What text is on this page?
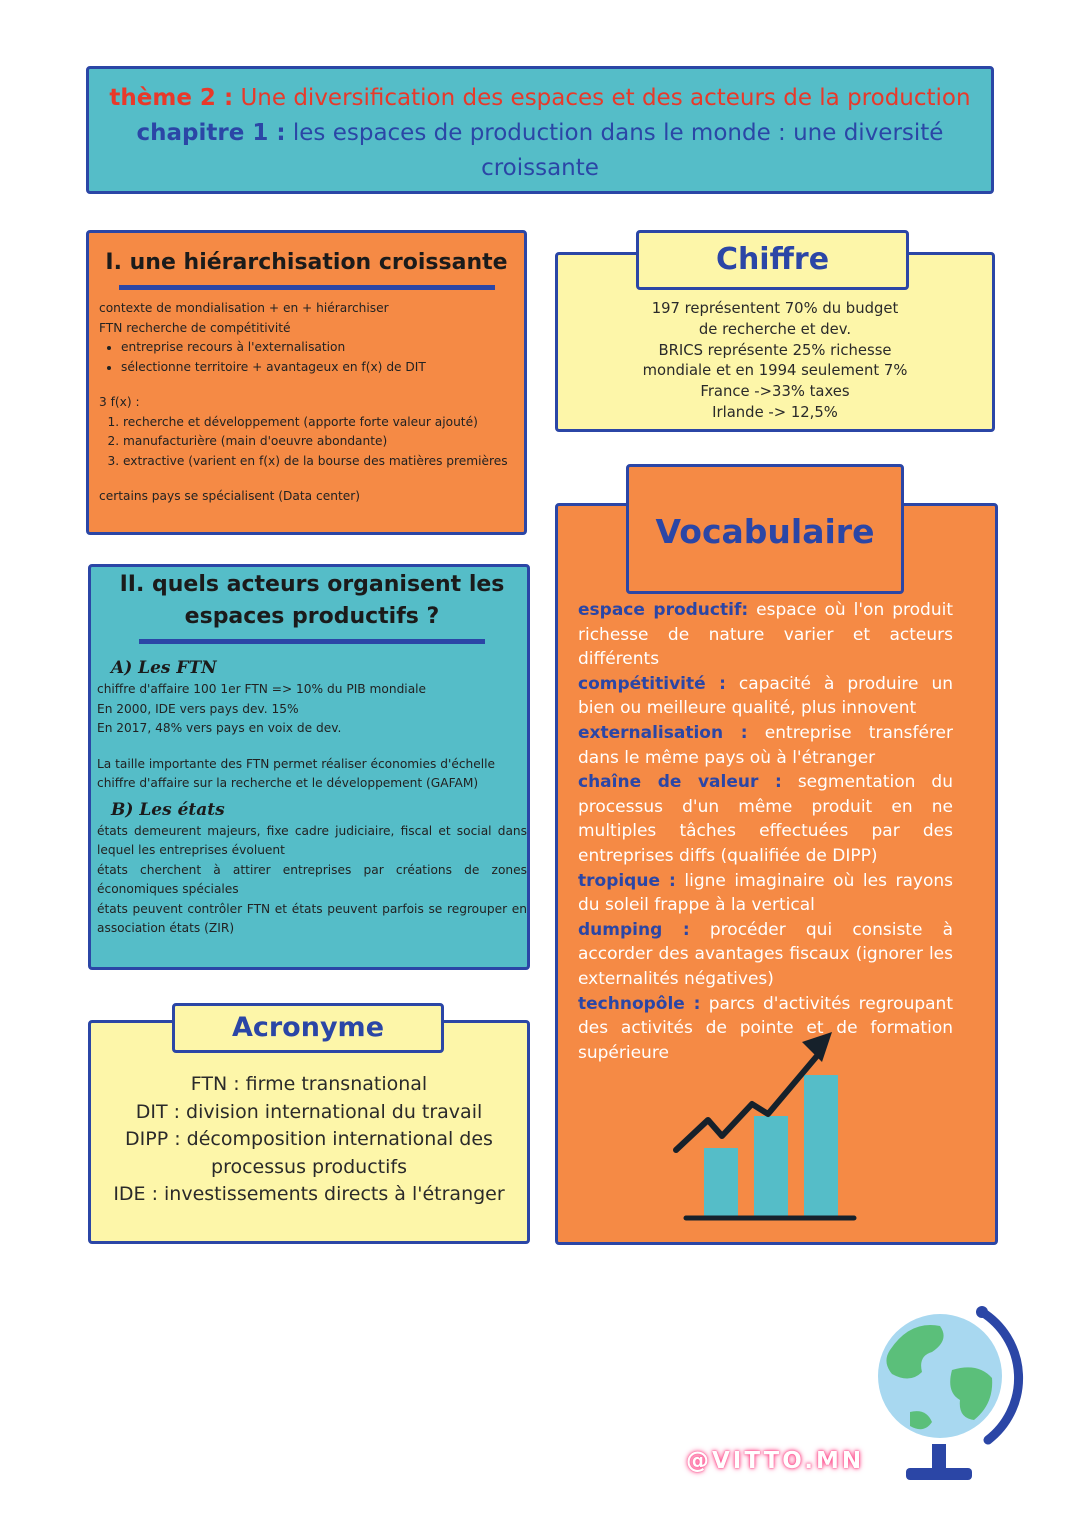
thème 2 : Une diversification des espaces et des acteurs de la production
chapitre 1 : les espaces de production dans le monde : une diversité
croissante
I. une hiérarchisation croissante
contexte de mondialisation + en + hiérarchiser
FTN recherche de compétitivité
• entreprise recours à l'externalisation
• sélectionne territoire + avantageux en f(x) de DIT
3 f(x) :
1. recherche et développement (apporte forte valeur ajouté)
2. manufacturière (main d'oeuvre abondante)
3. extractive (varient en f(x) de la bourse des matières premières
certains pays se spécialisent (Data center)
II. quels acteurs organisent les
espaces productifs ?
A) Les FTN
chiffre d'affaire 100 1er FTN => 10% du PIB mondiale
En 2000, IDE vers pays dev. 15%
En 2017, 48% vers pays en voix de dev.
La taille importante des FTN permet réaliser économies d'échelle
chiffre d'affaire sur la recherche et le développement (GAFAM)
B) Les états
états demeurent majeurs, fixe cadre judiciaire, fiscal et social dans lequel les entreprises évoluent
états cherchent à attirer entreprises par créations de zones économiques spéciales
états peuvent contrôler FTN et états peuvent parfois se regrouper en association états (ZIR)
FTN : firme transnational
DIT : division international du travail
DIPP : décomposition international des
processus productifs
IDE : investissements directs à l'étranger
Acronyme
197 représentent 70% du budget
de recherche et dev.
BRICS représente 25% richesse
mondiale et en 1994 seulement 7%
France ->33% taxes
Irlande -> 12,5%
Chiffre
espace productif: espace où l'on produit richesse de nature varier et acteurs différents
compétitivité : capacité à produire un bien ou meilleure qualité, plus innovent
externalisation : entreprise transférer dans le même pays où à l'étranger
chaîne de valeur : segmentation du processus d'un même produit en ne multiples tâches effectuées par des entreprises diffs (qualifiée de DIPP)
tropique : ligne imaginaire où les rayons du soleil frappe à la vertical
dumping : procéder qui consiste à accorder des avantages fiscaux (ignorer les externalités négatives)
technopôle : parcs d'activités regroupant des activités de pointe et de formation supérieure
Vocabulaire
@VITTO.MN
